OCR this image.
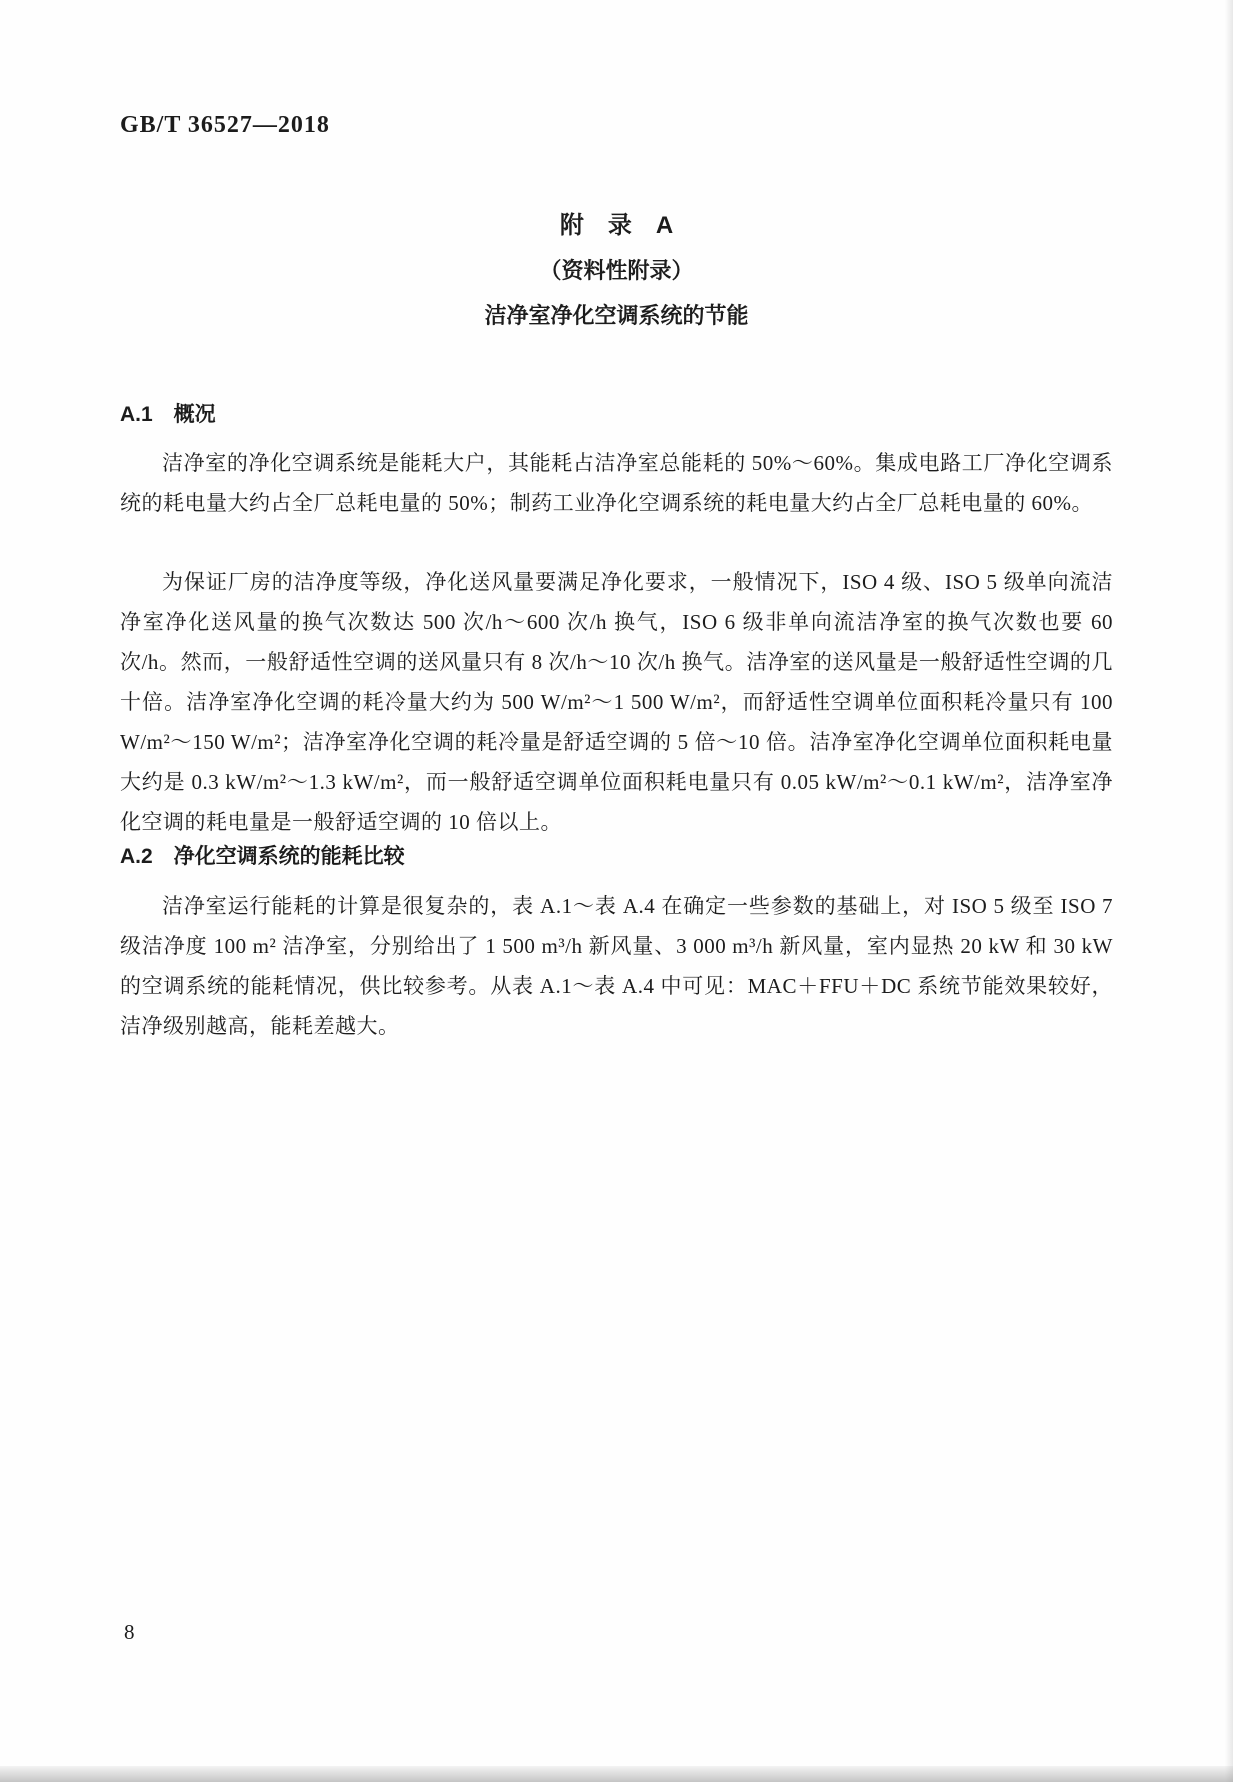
GB/T 36527—2018
附　录　A
（资料性附录）
洁净室净化空调系统的节能
A.1　概况
洁净室的净化空调系统是能耗大户，其能耗占洁净室总能耗的 50%～60%。集成电路工厂净化空调系统的耗电量大约占全厂总耗电量的 50%；制药工业净化空调系统的耗电量大约占全厂总耗电量的 60%。
为保证厂房的洁净度等级，净化送风量要满足净化要求，一般情况下，ISO 4 级、ISO 5 级单向流洁净室净化送风量的换气次数达 500 次/h～600 次/h 换气，ISO 6 级非单向流洁净室的换气次数也要 60 次/h。然而，一般舒适性空调的送风量只有 8 次/h～10 次/h 换气。洁净室的送风量是一般舒适性空调的几十倍。洁净室净化空调的耗冷量大约为 500 W/m²～1 500 W/m²，而舒适性空调单位面积耗冷量只有 100 W/m²～150 W/m²；洁净室净化空调的耗冷量是舒适空调的 5 倍～10 倍。洁净室净化空调单位面积耗电量大约是 0.3 kW/m²～1.3 kW/m²，而一般舒适空调单位面积耗电量只有 0.05 kW/m²～0.1 kW/m²，洁净室净化空调的耗电量是一般舒适空调的 10 倍以上。
A.2　净化空调系统的能耗比较
洁净室运行能耗的计算是很复杂的，表 A.1～表 A.4 在确定一些参数的基础上，对 ISO 5 级至 ISO 7 级洁净度 100 m² 洁净室，分别给出了 1 500 m³/h 新风量、3 000 m³/h 新风量，室内显热 20 kW 和 30 kW 的空调系统的能耗情况，供比较参考。从表 A.1～表 A.4 中可见：MAC＋FFU＋DC 系统节能效果较好，洁净级别越高，能耗差越大。
8
